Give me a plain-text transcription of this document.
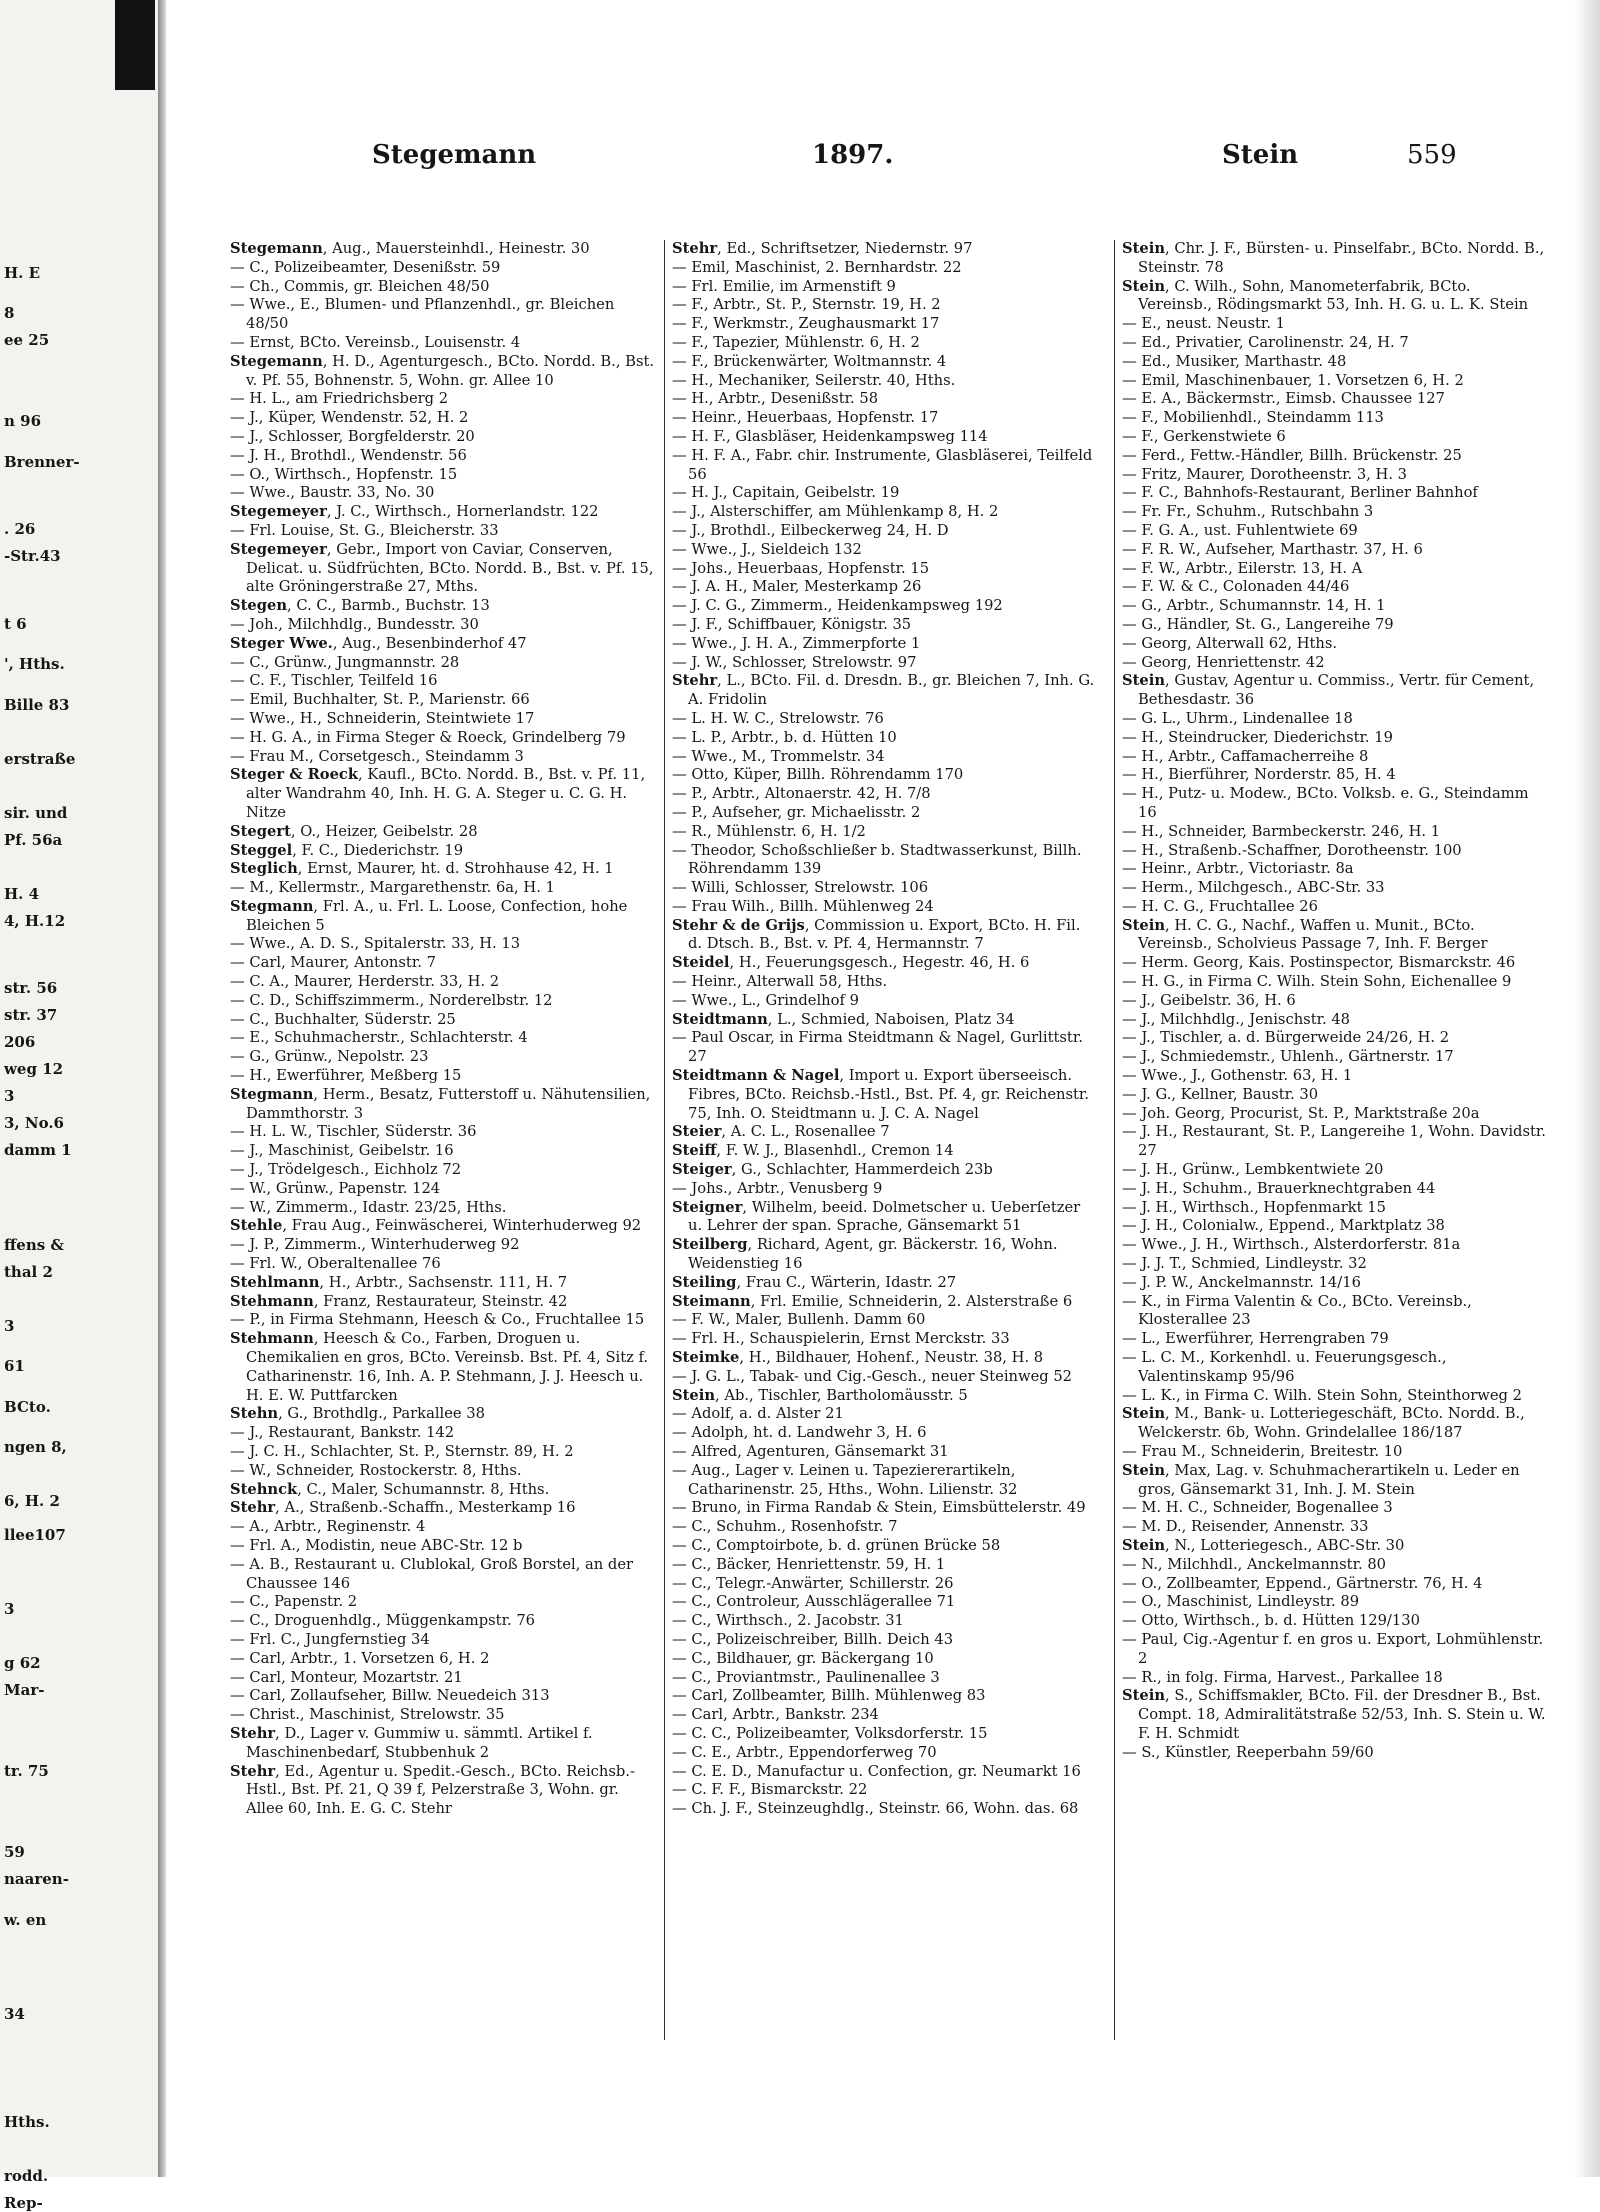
H. E
8
ee 25
n 96
Brenner-
. 26
-Str.43
t 6
', Hths.
Bille 83
erstraße
sir. und
Pf. 56a
H. 4
4, H.12
str. 56
str. 37
206
weg 12
3
3, No.6
damm 1
ffens &
thal 2
3
61
BCto.
ngen 8,
6, H. 2
llee107
3
g 62
Mar-
tr. 75
59
naaren-
w. en
34
Hths.
rodd.
Rep-
Stegemann	1897.	Stein	559
Stegemann, Aug., Mauersteinhdl., Heinestr. 30
— C., Polizeibeamter, Desenißstr. 59
— Ch., Commis, gr. Bleichen 48/50
— Wwe., E., Blumen- und Pflanzenhdl., gr. Bleichen 48/50
— Ernst, BCto. Vereinsb., Louisenstr. 4
Stegemann, H. D., Agenturgesch., BCto. Nordd. B., Bst. v. Pf. 55, Bohnenstr. 5, Wohn. gr. Allee 10
— H. L., am Friedrichsberg 2
— J., Küper, Wendenstr. 52, H. 2
— J., Schlosser, Borgfelderstr. 20
— J. H., Brothdl., Wendenstr. 56
— O., Wirthsch., Hopfenstr. 15
— Wwe., Baustr. 33, No. 30
Stegemeyer, J. C., Wirthsch., Hornerlandstr. 122
— Frl. Louise, St. G., Bleicherstr. 33
Stegemeyer, Gebr., Import von Caviar, Conserven, Delicat. u. Südfrüchten, BCto. Nordd. B., Bst. v. Pf. 15, alte Gröningerstraße 27, Mths.
Stegen, C. C., Barmb., Buchstr. 13
— Joh., Milchhdlg., Bundesstr. 30
Steger Wwe., Aug., Besenbinderhof 47
— C., Grünw., Jungmannstr. 28
— C. F., Tischler, Teilfeld 16
— Emil, Buchhalter, St. P., Marienstr. 66
— Wwe., H., Schneiderin, Steintwiete 17
— H. G. A., in Firma Steger & Roeck, Grindelberg 79
— Frau M., Corsetgesch., Steindamm 3
Steger & Roeck, Kaufl., BCto. Nordd. B., Bst. v. Pf. 11, alter Wandrahm 40, Inh. H. G. A. Steger u. C. G. H. Nitze
Stegert, O., Heizer, Geibelstr. 28
Steggel, F. C., Diederichstr. 19
Steglich, Ernst, Maurer, ht. d. Strohhause 42, H. 1
— M., Kellermstr., Margarethenstr. 6a, H. 1
Stegmann, Frl. A., u. Frl. L. Loose, Confection, hohe Bleichen 5
— Wwe., A. D. S., Spitalerstr. 33, H. 13
— Carl, Maurer, Antonstr. 7
— C. A., Maurer, Herderstr. 33, H. 2
— C. D., Schiffszimmerm., Norderelbstr. 12
— C., Buchhalter, Süderstr. 25
— E., Schuhmacherstr., Schlachterstr. 4
— G., Grünw., Nepolstr. 23
— H., Ewerführer, Meßberg 15
Stegmann, Herm., Besatz, Futterstoff u. Nähutensilien, Dammthorstr. 3
— H. L. W., Tischler, Süderstr. 36
— J., Maschinist, Geibelstr. 16
— J., Trödelgesch., Eichholz 72
— W., Grünw., Papenstr. 124
— W., Zimmerm., Idastr. 23/25, Hths.
Stehle, Frau Aug., Feinwäscherei, Winterhuderweg 92
— J. P., Zimmerm., Winterhuderweg 92
— Frl. W., Oberaltenallee 76
Stehlmann, H., Arbtr., Sachsenstr. 111, H. 7
Stehmann, Franz, Restaurateur, Steinstr. 42
— P., in Firma Stehmann, Heesch & Co., Fruchtallee 15
Stehmann, Heesch & Co., Farben, Droguen u. Chemikalien en gros, BCto. Vereinsb. Bst. Pf. 4, Sitz f. Catharinenstr. 16, Inh. A. P. Stehmann, J. J. Heesch u. H. E. W. Puttfarcken
Stehn, G., Brothdlg., Parkallee 38
— J., Restaurant, Bankstr. 142
— J. C. H., Schlachter, St. P., Sternstr. 89, H. 2
— W., Schneider, Rostockerstr. 8, Hths.
Stehnck, C., Maler, Schumannstr. 8, Hths.
Stehr, A., Straßenb.-Schaffn., Mesterkamp 16
— A., Arbtr., Reginenstr. 4
— Frl. A., Modistin, neue ABC-Str. 12 b
— A. B., Restaurant u. Clublokal, Groß Borstel, an der Chaussee 146
— C., Papenstr. 2
— C., Droguenhdlg., Müggenkampstr. 76
— Frl. C., Jungfernstieg 34
— Carl, Arbtr., 1. Vorsetzen 6, H. 2
— Carl, Monteur, Mozartstr. 21
— Carl, Zollaufseher, Billw. Neuedeich 313
— Christ., Maschinist, Strelowstr. 35
Stehr, D., Lager v. Gummiw u. sämmtl. Artikel f. Maschinenbedarf, Stubbenhuk 2
Stehr, Ed., Agentur u. Spedit.-Gesch., BCto. Reichsb.-Hstl., Bst. Pf. 21, Q 39 f, Pelzerstraße 3, Wohn. gr. Allee 60, Inh. E. G. C. Stehr
Stehr, Ed., Schriftsetzer, Niedernstr. 97
— Emil, Maschinist, 2. Bernhardstr. 22
— Frl. Emilie, im Armenstift 9
— F., Arbtr., St. P., Sternstr. 19, H. 2
— F., Werkmstr., Zeughausmarkt 17
— F., Tapezier, Mühlenstr. 6, H. 2
— F., Brückenwärter, Woltmannstr. 4
— H., Mechaniker, Seilerstr. 40, Hths.
— H., Arbtr., Desenißstr. 58
— Heinr., Heuerbaas, Hopfenstr. 17
— H. F., Glasbläser, Heidenkampsweg 114
— H. F. A., Fabr. chir. Instrumente, Glasbläserei, Teilfeld 56
— H. J., Capitain, Geibelstr. 19
— J., Alsterschiffer, am Mühlenkamp 8, H. 2
— J., Brothdl., Eilbeckerweg 24, H. D
— Wwe., J., Sieldeich 132
— Johs., Heuerbaas, Hopfenstr. 15
— J. A. H., Maler, Mesterkamp 26
— J. C. G., Zimmerm., Heidenkampsweg 192
— J. F., Schiffbauer, Königstr. 35
— Wwe., J. H. A., Zimmerpforte 1
— J. W., Schlosser, Strelowstr. 97
Stehr, L., BCto. Fil. d. Dresdn. B., gr. Bleichen 7, Inh. G. A. Fridolin
— L. H. W. C., Strelowstr. 76
— L. P., Arbtr., b. d. Hütten 10
— Wwe., M., Trommelstr. 34
— Otto, Küper, Billh. Röhrendamm 170
— P., Arbtr., Altonaerstr. 42, H. 7/8
— P., Aufseher, gr. Michaelisstr. 2
— R., Mühlenstr. 6, H. 1/2
— Theodor, Schoßschließer b. Stadtwasserkunst, Billh. Röhrendamm 139
— Willi, Schlosser, Strelowstr. 106
— Frau Wilh., Billh. Mühlenweg 24
Stehr & de Grijs, Commission u. Export, BCto. H. Fil. d. Dtsch. B., Bst. v. Pf. 4, Hermannstr. 7
Steidel, H., Feuerungsgesch., Hegestr. 46, H. 6
— Heinr., Alterwall 58, Hths.
— Wwe., L., Grindelhof 9
Steidtmann, L., Schmied, Naboisen, Platz 34
— Paul Oscar, in Firma Steidtmann & Nagel, Gurlittstr. 27
Steidtmann & Nagel, Import u. Export überseeisch. Fibres, BCto. Reichsb.-Hstl., Bst. Pf. 4, gr. Reichenstr. 75, Inh. O. Steidtmann u. J. C. A. Nagel
Steier, A. C. L., Rosenallee 7
Steiff, F. W. J., Blasenhdl., Cremon 14
Steiger, G., Schlachter, Hammerdeich 23b
— Johs., Arbtr., Venusberg 9
Steigner, Wilhelm, beeid. Dolmetscher u. Ueberſetzer u. Lehrer der span. Sprache, Gänsemarkt 51
Steilberg, Richard, Agent, gr. Bäckerstr. 16, Wohn. Weidenstieg 16
Steiling, Frau C., Wärterin, Idastr. 27
Steimann, Frl. Emilie, Schneiderin, 2. Alsterstraße 6
— F. W., Maler, Bullenh. Damm 60
— Frl. H., Schauspielerin, Ernst Merckstr. 33
Steimke, H., Bildhauer, Hohenf., Neustr. 38, H. 8
— J. G. L., Tabak- und Cig.-Gesch., neuer Steinweg 52
Stein, Ab., Tischler, Bartholomäusstr. 5
— Adolf, a. d. Alster 21
— Adolph, ht. d. Landwehr 3, H. 6
— Alfred, Agenturen, Gänsemarkt 31
— Aug., Lager v. Leinen u. Tapeziererartikeln, Catharinenstr. 25, Hths., Wohn. Lilienstr. 32
— Bruno, in Firma Randab & Stein, Eimsbüttelerstr. 49
— C., Schuhm., Rosenhofstr. 7
— C., Comptoirbote, b. d. grünen Brücke 58
— C., Bäcker, Henriettenstr. 59, H. 1
— C., Telegr.-Anwärter, Schillerstr. 26
— C., Controleur, Ausschlägerallee 71
— C., Wirthsch., 2. Jacobstr. 31
— C., Polizeischreiber, Billh. Deich 43
— C., Bildhauer, gr. Bäckergang 10
— C., Proviantmstr., Paulinenallee 3
— Carl, Zollbeamter, Billh. Mühlenweg 83
— Carl, Arbtr., Bankstr. 234
— C. C., Polizeibeamter, Volksdorferstr. 15
— C. E., Arbtr., Eppendorferweg 70
— C. E. D., Manufactur u. Confection, gr. Neumarkt 16
— C. F. F., Bismarckstr. 22
— Ch. J. F., Steinzeughdlg., Steinstr. 66, Wohn. das. 68
Stein, Chr. J. F., Bürsten- u. Pinselfabr., BCto. Nordd. B., Steinstr. 78
Stein, C. Wilh., Sohn, Manometerfabrik, BCto. Vereinsb., Rödingsmarkt 53, Inh. H. G. u. L. K. Stein
— E., neust. Neustr. 1
— Ed., Privatier, Carolinenstr. 24, H. 7
— Ed., Musiker, Marthastr. 48
— Emil, Maschinenbauer, 1. Vorsetzen 6, H. 2
— E. A., Bäckermstr., Eimsb. Chaussee 127
— F., Mobilienhdl., Steindamm 113
— F., Gerkenstwiete 6
— Ferd., Fettw.-Händler, Billh. Brückenstr. 25
— Fritz, Maurer, Dorotheenstr. 3, H. 3
— F. C., Bahnhofs-Restaurant, Berliner Bahnhof
— Fr. Fr., Schuhm., Rutschbahn 3
— F. G. A., ust. Fuhlentwiete 69
— F. R. W., Aufseher, Marthastr. 37, H. 6
— F. W., Arbtr., Eilerstr. 13, H. A
— F. W. & C., Colonaden 44/46
— G., Arbtr., Schumannstr. 14, H. 1
— G., Händler, St. G., Langereihe 79
— Georg, Alterwall 62, Hths.
— Georg, Henriettenstr. 42
Stein, Gustav, Agentur u. Commiss., Vertr. für Cement, Bethesdastr. 36
— G. L., Uhrm., Lindenallee 18
— H., Steindrucker, Diederichstr. 19
— H., Arbtr., Caffamacherreihe 8
— H., Bierführer, Norderstr. 85, H. 4
— H., Putz- u. Modew., BCto. Volksb. e. G., Steindamm 16
— H., Schneider, Barmbeckerstr. 246, H. 1
— H., Straßenb.-Schaffner, Dorotheenstr. 100
— Heinr., Arbtr., Victoriastr. 8a
— Herm., Milchgesch., ABC-Str. 33
— H. C. G., Fruchtallee 26
Stein, H. C. G., Nachf., Waffen u. Munit., BCto. Vereinsb., Scholvieus Passage 7, Inh. F. Berger
— Herm. Georg, Kais. Postinspector, Bismarckstr. 46
— H. G., in Firma C. Wilh. Stein Sohn, Eichenallee 9
— J., Geibelstr. 36, H. 6
— J., Milchhdlg., Jenischstr. 48
— J., Tischler, a. d. Bürgerweide 24/26, H. 2
— J., Schmiedemstr., Uhlenh., Gärtnerstr. 17
— Wwe., J., Gothenstr. 63, H. 1
— J. G., Kellner, Baustr. 30
— Joh. Georg, Procurist, St. P., Marktstraße 20a
— J. H., Restaurant, St. P., Langereihe 1, Wohn. Davidstr. 27
— J. H., Grünw., Lembkentwiete 20
— J. H., Schuhm., Brauerknechtgraben 44
— J. H., Wirthsch., Hopfenmarkt 15
— J. H., Colonialw., Eppend., Marktplatz 38
— Wwe., J. H., Wirthsch., Alsterdorferstr. 81a
— J. J. T., Schmied, Lindleystr. 32
— J. P. W., Anckelmannstr. 14/16
— K., in Firma Valentin & Co., BCto. Vereinsb., Klosterallee 23
— L., Ewerführer, Herrengraben 79
— L. C. M., Korkenhdl. u. Feuerungsgesch., Valentinskamp 95/96
— L. K., in Firma C. Wilh. Stein Sohn, Steinthorweg 2
Stein, M., Bank- u. Lotteriegeschäft, BCto. Nordd. B., Welckerstr. 6b, Wohn. Grindelallee 186/187
— Frau M., Schneiderin, Breitestr. 10
Stein, Max, Lag. v. Schuhmacherartikeln u. Leder en gros, Gänsemarkt 31, Inh. J. M. Stein
— M. H. C., Schneider, Bogenallee 3
— M. D., Reisender, Annenstr. 33
Stein, N., Lotteriegesch., ABC-Str. 30
— N., Milchhdl., Anckelmannstr. 80
— O., Zollbeamter, Eppend., Gärtnerstr. 76, H. 4
— O., Maschinist, Lindleystr. 89
— Otto, Wirthsch., b. d. Hütten 129/130
— Paul, Cig.-Agentur f. en gros u. Export, Lohmühlenstr. 2
— R., in folg. Firma, Harvest., Parkallee 18
Stein, S., Schiffsmakler, BCto. Fil. der Dresdner B., Bst. Compt. 18, Admiralitätstraße 52/53, Inh. S. Stein u. W. F. H. Schmidt
— S., Künstler, Reeperbahn 59/60
